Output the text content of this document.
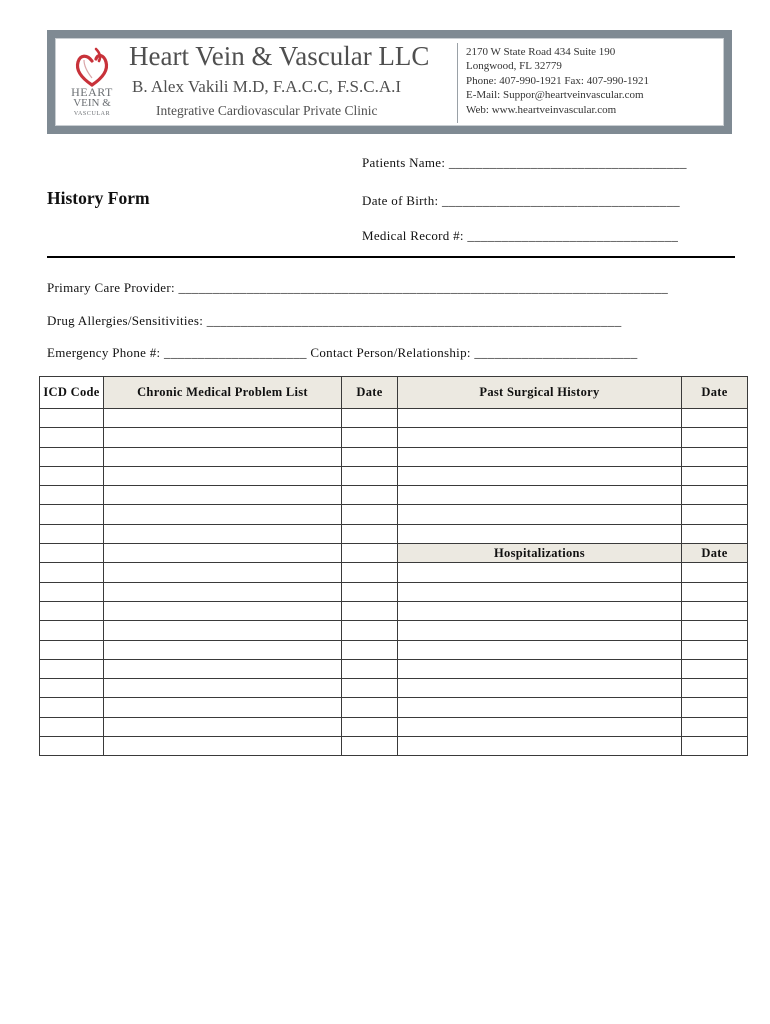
HEART
VEIN &
VASCULAR
Heart Vein & Vascular LLC
B. Alex Vakili M.D, F.A.C.C, F.S.C.A.I
Integrative Cardiovascular Private Clinic
2170 W State Road 434 Suite 190
Longwood, FL 32779
Phone: 407-990-1921 Fax: 407-990-1921
E-Mail: Suppor@heartveinvascular.com
Web: www.heartveinvascular.com
Patients Name: ___________________________________
History Form	Date of Birth: ___________________________________
Medical Record #: _______________________________
Primary Care Provider: ________________________________________________________________________
Drug Allergies/Sensitivities: _____________________________________________________________
Emergency Phone #: _____________________ Contact Person/Relationship: ________________________
ICD Code	Chronic Medical Problem List	Date	Past Surgical History	Date

			Hospitalizations	Date
